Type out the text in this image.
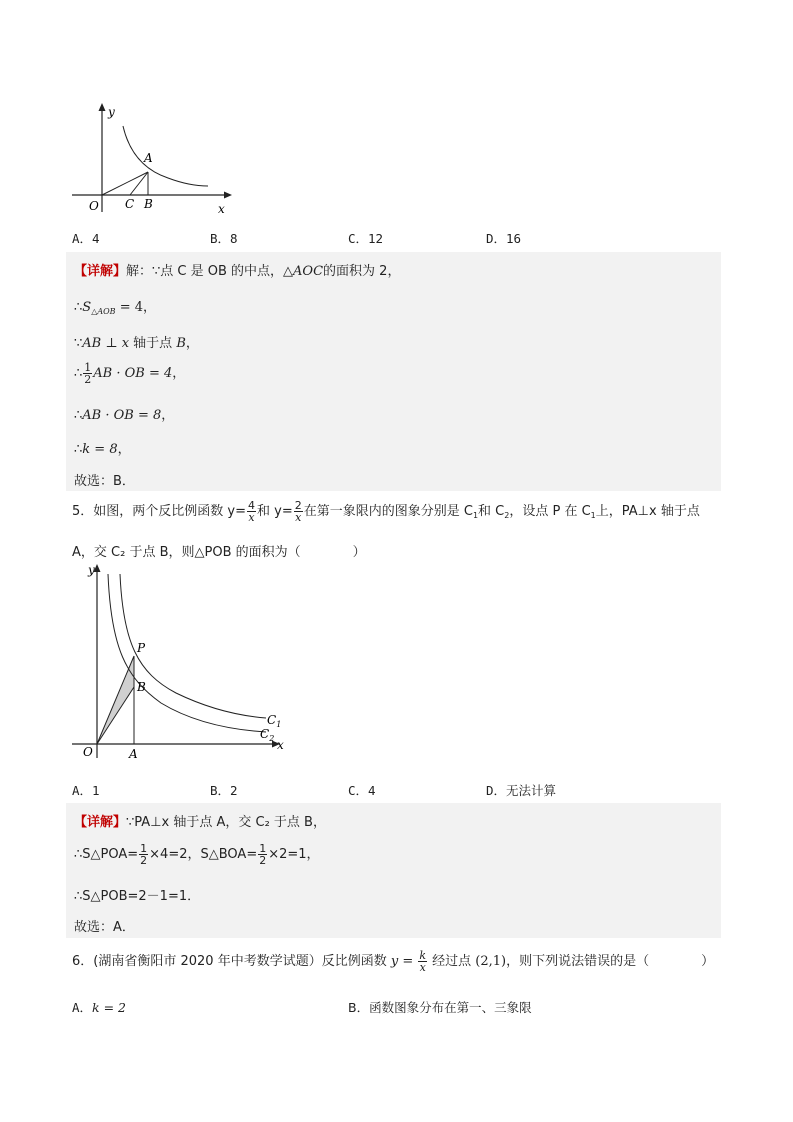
y
A
O C B	x
A．4	B．8	C．12	D．16
【详解】解：∵点 C 是 OB 的中点，△AOC的面积为 2，
$\therefore S_{\triangle AOB} = 4$，
∵AB ⊥ x 轴于点 B，
∴ $\frac{1}{2}$ AB · OB = 4，
∴AB · OB = 8，
∴k = 8，
故选：B．
5．如图，两个反比例函数 $y= \frac{4}{x}$ 和 $y= \frac{2}{x}$ 在第一象限内的图象分别是 $C_1$和 $C_2$，设点 P 在 $C_1$上，PA⊥x 轴于点
A，交 C₂ 于点 B，则△POB 的面积为（　　　　）
y
P
B
$C_1$
$C_2$ x
O	A
A．1	B．2	C．4	D．无法计算
【详解】∵PA⊥x 轴于点 A，交 C₂ 于点 B，
∴S△POA= $\frac{1}{2} \times 4=2$，S△BOA= $\frac{1}{2} \times 2=1$，
∴S△POB=2－1=1．
故选：A．
6．(湖南省衡阳市 2020 年中考数学试题）反比例函数 $y = \frac{k}{x}$ 经过点 (2,1)，则下列说法错误的是（　　　　）
A．k = 2	B．函数图象分布在第一、三象限
